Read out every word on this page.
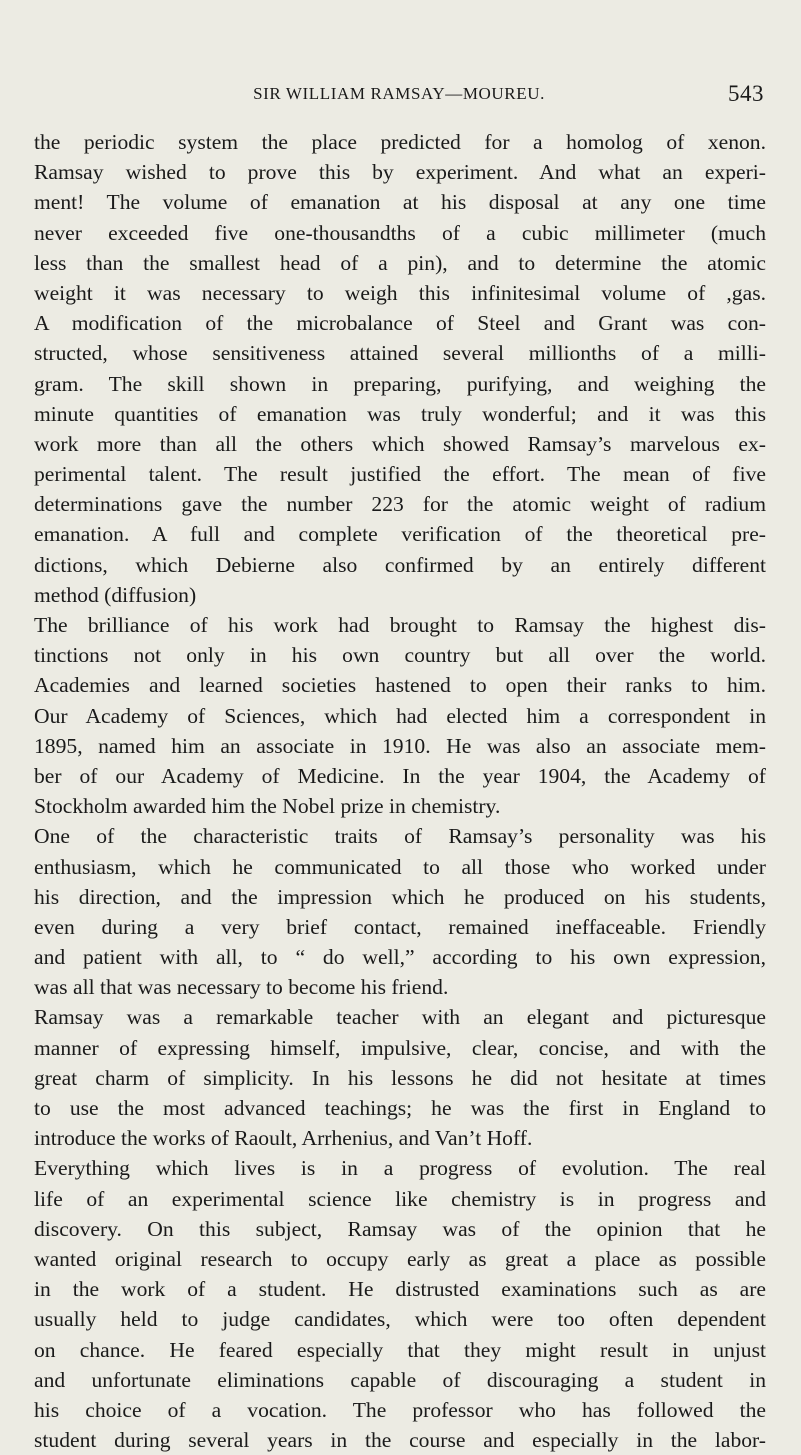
SIR WILLIAM RAMSAY—MOUREU.	543
the periodic system the place predicted for a homolog of xenon.
Ramsay wished to prove this by experiment. And what an experi-
ment! The volume of emanation at his disposal at any one time
never exceeded five one-thousandths of a cubic millimeter (much
less than the smallest head of a pin), and to determine the atomic
weight it was necessary to weigh this infinitesimal volume of ,gas.
A modification of the microbalance of Steel and Grant was con-
structed, whose sensitiveness attained several millionths of a milli-
gram. The skill shown in preparing, purifying, and weighing the
minute quantities of emanation was truly wonderful; and it was this
work more than all the others which showed Ramsay’s marvelous ex-
perimental talent. The result justified the effort. The mean of five
determinations gave the number 223 for the atomic weight of radium
emanation. A full and complete verification of the theoretical pre-
dictions, which Debierne also confirmed by an entirely different
method (diffusion)
The brilliance of his work had brought to Ramsay the highest dis-
tinctions not only in his own country but all over the world.
Academies and learned societies hastened to open their ranks to him.
Our Academy of Sciences, which had elected him a correspondent in
1895, named him an associate in 1910. He was also an associate mem-
ber of our Academy of Medicine. In the year 1904, the Academy of
Stockholm awarded him the Nobel prize in chemistry.
One of the characteristic traits of Ramsay’s personality was his
enthusiasm, which he communicated to all those who worked under
his direction, and the impression which he produced on his students,
even during a very brief contact, remained ineffaceable. Friendly
and patient with all, to “ do well,” according to his own expression,
was all that was necessary to become his friend.
Ramsay was a remarkable teacher with an elegant and picturesque
manner of expressing himself, impulsive, clear, concise, and with the
great charm of simplicity. In his lessons he did not hesitate at times
to use the most advanced teachings; he was the first in England to
introduce the works of Raoult, Arrhenius, and Van’t Hoff.
Everything which lives is in a progress of evolution. The real
life of an experimental science like chemistry is in progress and
discovery. On this subject, Ramsay was of the opinion that he
wanted original research to occupy early as great a place as possible
in the work of a student. He distrusted examinations such as are
usually held to judge candidates, which were too often dependent
on chance. He feared especially that they might result in unjust
and unfortunate eliminations capable of discouraging a student in
his choice of a vocation. The professor who has followed the
student during several years in the course and especially in the labor-
